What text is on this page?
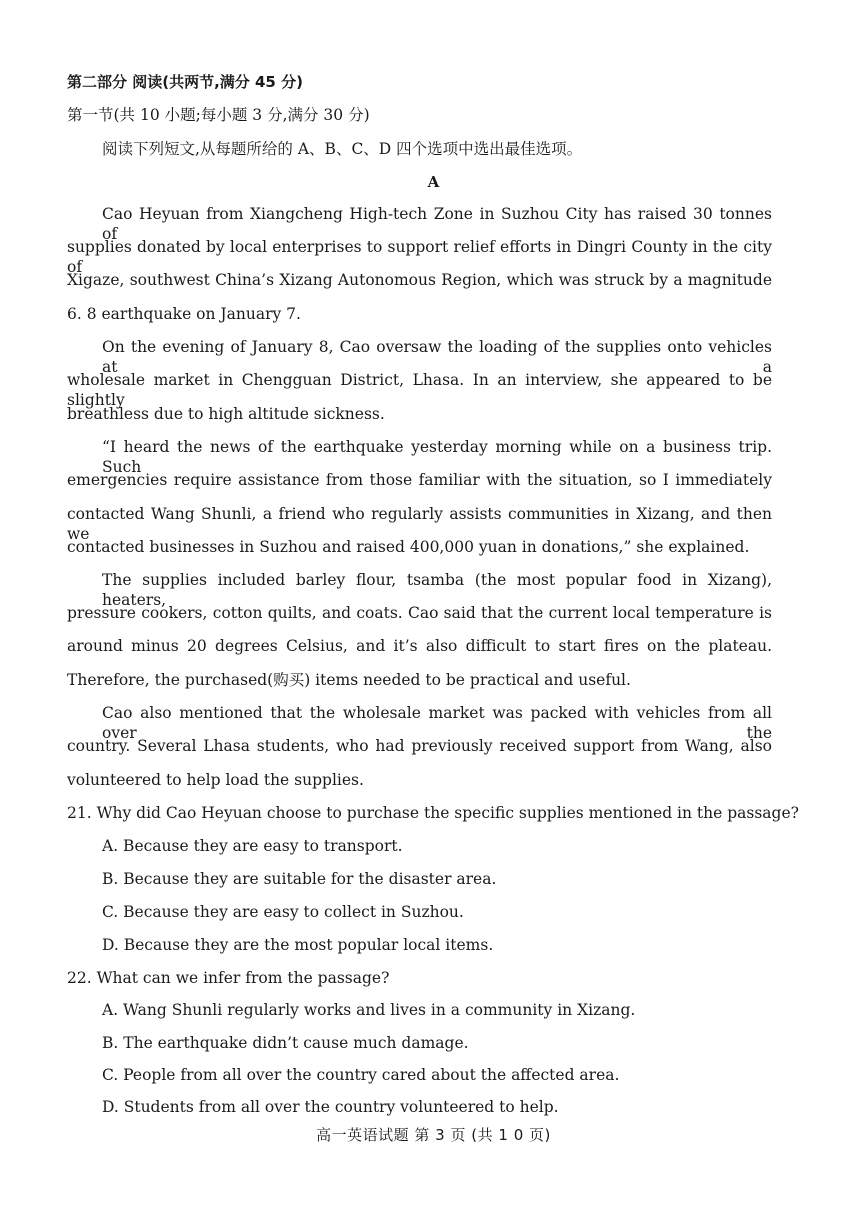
第二部分 阅读(共两节,满分 45 分)
第一节(共 10 小题;每小题 3 分,满分 30 分)
阅读下列短文,从每题所给的 A、B、C、D 四个选项中选出最佳选项。
A
Cao Heyuan from Xiangcheng High-tech Zone in Suzhou City has raised 30 tonnes of
supplies donated by local enterprises to support relief efforts in Dingri County in the city of
Xigaze, southwest China’s Xizang Autonomous Region, which was struck by a magnitude
6. 8 earthquake on January 7.
On the evening of January 8, Cao oversaw the loading of the supplies onto vehicles at a
wholesale market in Chengguan District, Lhasa. In an interview, she appeared to be slightly
breathless due to high altitude sickness.
“I heard the news of the earthquake yesterday morning while on a business trip. Such
emergencies require assistance from those familiar with the situation, so I immediately
contacted Wang Shunli, a friend who regularly assists communities in Xizang, and then we
contacted businesses in Suzhou and raised 400,000 yuan in donations,” she explained.
The supplies included barley flour, tsamba (the most popular food in Xizang), heaters,
pressure cookers, cotton quilts, and coats. Cao said that the current local temperature is
around minus 20 degrees Celsius, and it’s also difficult to start fires on the plateau.
Therefore, the purchased(购买) items needed to be practical and useful.
Cao also mentioned that the wholesale market was packed with vehicles from all over the
country. Several Lhasa students, who had previously received support from Wang, also
volunteered to help load the supplies.
21. Why did Cao Heyuan choose to purchase the specific supplies mentioned in the passage?
A. Because they are easy to transport.
B. Because they are suitable for the disaster area.
C. Because they are easy to collect in Suzhou.
D. Because they are the most popular local items.
22. What can we infer from the passage?
A. Wang Shunli regularly works and lives in a community in Xizang.
B. The earthquake didn’t cause much damage.
C. People from all over the country cared about the affected area.
D. Students from all over the country volunteered to help.
高一英语试题 第 3 页 (共 1 0 页)
